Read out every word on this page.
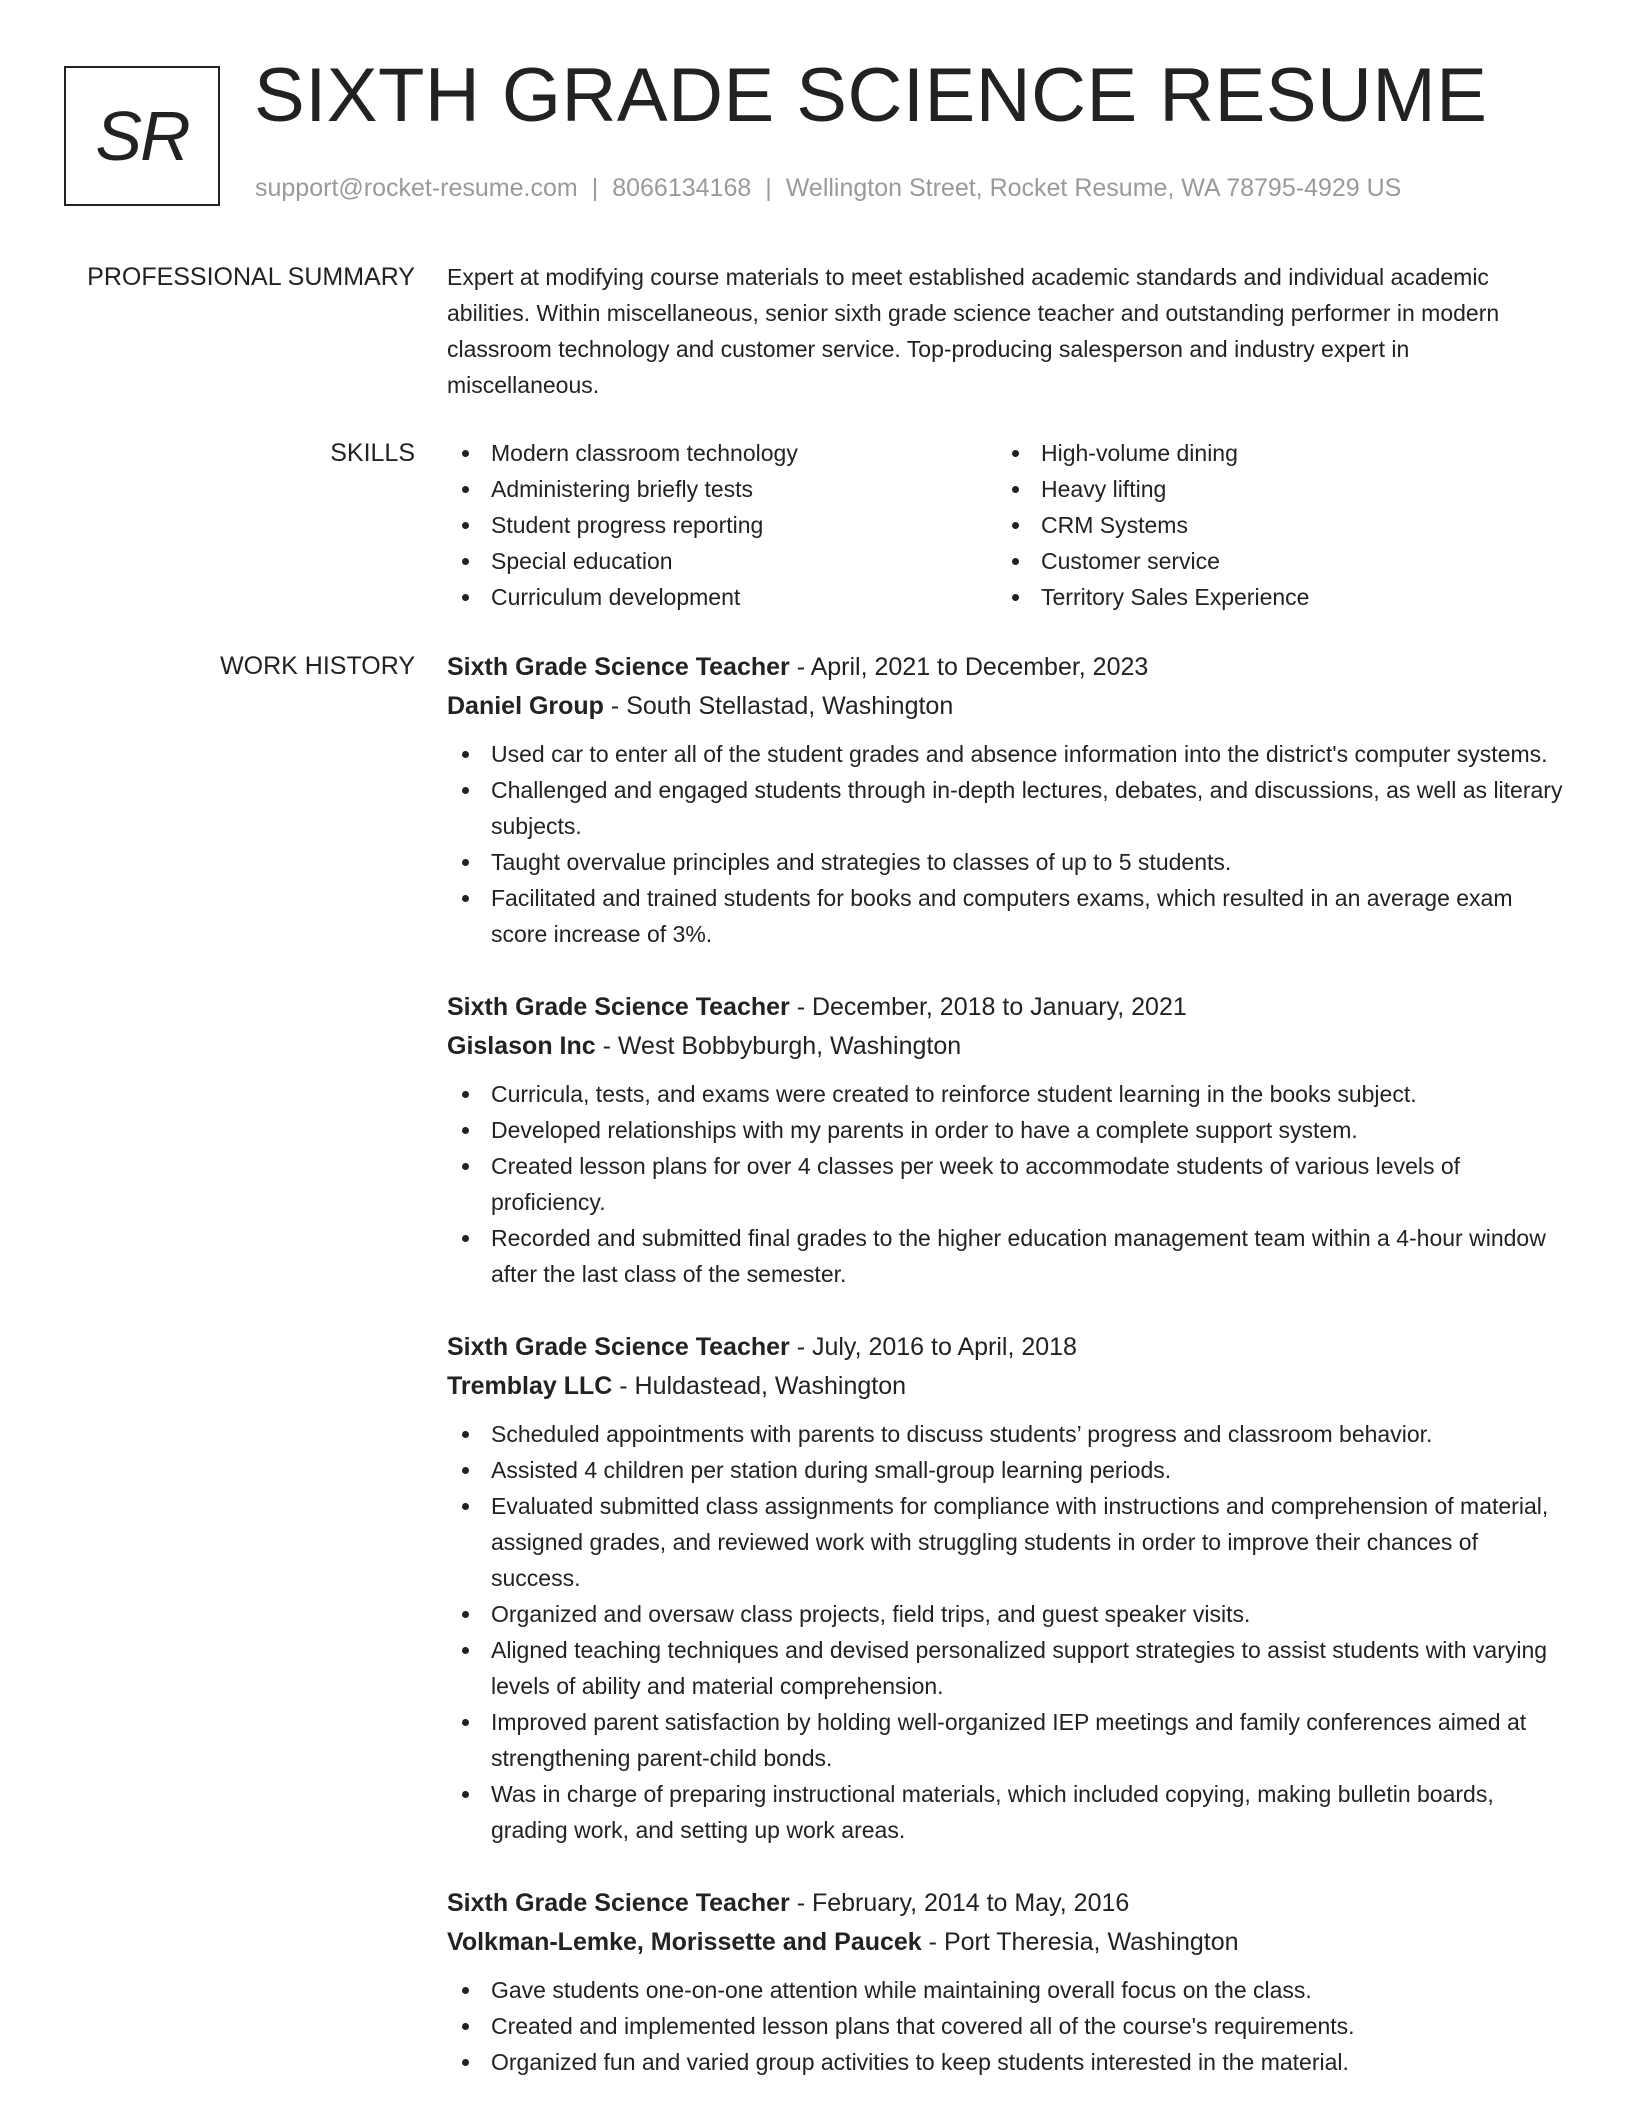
SR SIXTH GRADE SCIENCE RESUME
support@rocket-resume.com | 8066134168 | Wellington Street, Rocket Resume, WA 78795-4929 US
PROFESSIONAL SUMMARY Expert at modifying course materials to meet established academic standards and individual academic abilities. Within miscellaneous, senior sixth grade science teacher and outstanding performer in modern classroom technology and customer service. Top-producing salesperson and industry expert in miscellaneous.

SKILLS	Modern classroom technology
Administering briefly tests
Student progress reporting
Special education
Curriculum development
High-volume dining
Heavy lifting
CRM Systems
Customer service
Territory Sales Experience
WORK HISTORY Sixth Grade Science Teacher - April, 2021 to December, 2023
Daniel Group - South Stellastad, Washington
Used car to enter all of the student grades and absence information into the district's computer systems.
Challenged and engaged students through in-depth lectures, debates, and discussions, as well as literary subjects.
Taught overvalue principles and strategies to classes of up to 5 students.
Facilitated and trained students for books and computers exams, which resulted in an average exam score increase of 3%.
Sixth Grade Science Teacher - December, 2018 to January, 2021
Gislason Inc - West Bobbyburgh, Washington
Curricula, tests, and exams were created to reinforce student learning in the books subject.
Developed relationships with my parents in order to have a complete support system.
Created lesson plans for over 4 classes per week to accommodate students of various levels of proficiency.
Recorded and submitted final grades to the higher education management team within a 4-hour window after the last class of the semester.
Sixth Grade Science Teacher - July, 2016 to April, 2018
Tremblay LLC - Huldastead, Washington
Scheduled appointments with parents to discuss students’ progress and classroom behavior.
Assisted 4 children per station during small-group learning periods.
Evaluated submitted class assignments for compliance with instructions and comprehension of material, assigned grades, and reviewed work with struggling students in order to improve their chances of success.
Organized and oversaw class projects, field trips, and guest speaker visits.
Aligned teaching techniques and devised personalized support strategies to assist students with varying levels of ability and material comprehension.
Improved parent satisfaction by holding well-organized IEP meetings and family conferences aimed at strengthening parent-child bonds.
Was in charge of preparing instructional materials, which included copying, making bulletin boards, grading work, and setting up work areas.
Sixth Grade Science Teacher - February, 2014 to May, 2016
Volkman-Lemke, Morissette and Paucek - Port Theresia, Washington
Gave students one-on-one attention while maintaining overall focus on the class.
Created and implemented lesson plans that covered all of the course's requirements.
Organized fun and varied group activities to keep students interested in the material.
